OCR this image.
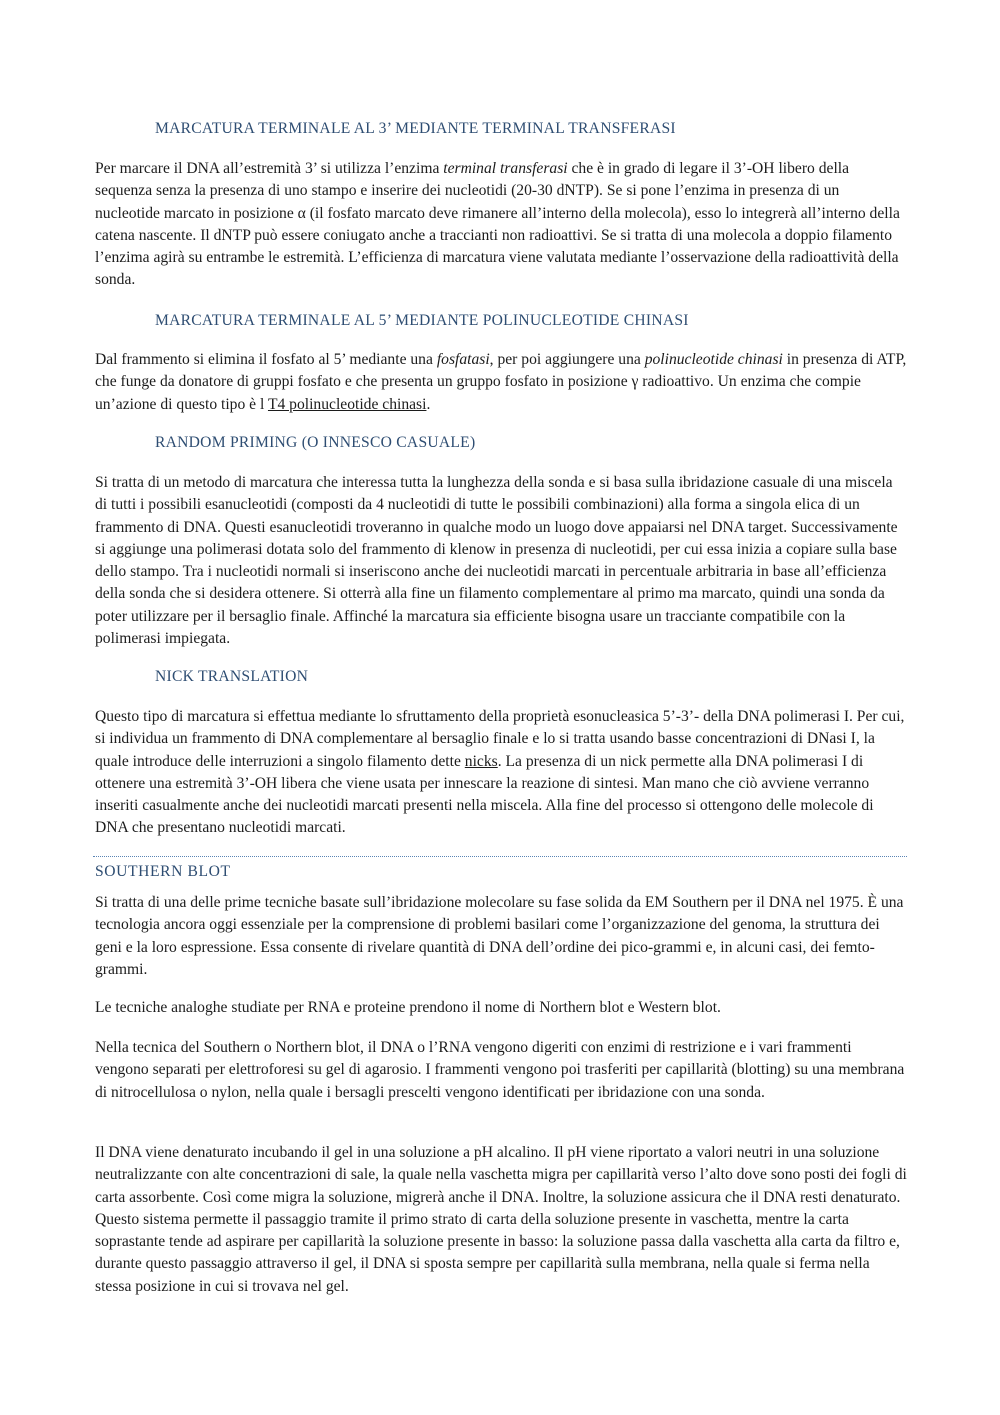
MARCATURA TERMINALE AL 3’ MEDIANTE TERMINAL TRANSFERASI

Per marcare il DNA all’estremità 3’ si utilizza l’enzima terminal transferasi che è in grado di legare il 3’-OH libero della sequenza senza la presenza di uno stampo e inserire dei nucleotidi (20-30 dNTP). Se si pone l’enzima in presenza di un nucleotide marcato in posizione α (il fosfato marcato deve rimanere all’interno della molecola), esso lo integrerà all’interno della catena nascente. Il dNTP può essere coniugato anche a traccianti non radioattivi. Se si tratta di una molecola a doppio filamento l’enzima agirà su entrambe le estremità. L’efficienza di marcatura viene valutata mediante l’osservazione della radioattività della sonda.

MARCATURA TERMINALE AL 5’ MEDIANTE POLINUCLEOTIDE CHINASI

Dal frammento si elimina il fosfato al 5’ mediante una fosfatasi, per poi aggiungere una polinucleotide chinasi in presenza di ATP, che funge da donatore di gruppi fosfato e che presenta un gruppo fosfato in posizione γ radioattivo. Un enzima che compie un’azione di questo tipo è l T4 polinucleotide chinasi.

RANDOM PRIMING (O INNESCO CASUALE)

Si tratta di un metodo di marcatura che interessa tutta la lunghezza della sonda e si basa sulla ibridazione casuale di una miscela di tutti i possibili esanucleotidi (composti da 4 nucleotidi di tutte le possibili combinazioni) alla forma a singola elica di un frammento di DNA. Questi esanucleotidi troveranno in qualche modo un luogo dove appaiarsi nel DNA target. Successivamente si aggiunge una polimerasi dotata solo del frammento di klenow in presenza di nucleotidi, per cui essa inizia a copiare sulla base dello stampo. Tra i nucleotidi normali si inseriscono anche dei nucleotidi marcati in percentuale arbitraria in base all’efficienza della sonda che si desidera ottenere. Si otterrà alla fine un filamento complementare al primo ma marcato, quindi una sonda da poter utilizzare per il bersaglio finale. Affinché la marcatura sia efficiente bisogna usare un tracciante compatibile con la polimerasi impiegata.

NICK TRANSLATION

Questo tipo di marcatura si effettua mediante lo sfruttamento della proprietà esonucleasica 5’-3’- della DNA polimerasi I. Per cui, si individua un frammento di DNA complementare al bersaglio finale e lo si tratta usando basse concentrazioni di DNasi I, la quale introduce delle interruzioni a singolo filamento dette nicks. La presenza di un nick permette alla DNA polimerasi I di ottenere una estremità 3’-OH libera che viene usata per innescare la reazione di sintesi. Man mano che ciò avviene verranno inseriti casualmente anche dei nucleotidi marcati presenti nella miscela. Alla fine del processo si ottengono delle molecole di DNA che presentano nucleotidi marcati.

SOUTHERN BLOT

Si tratta di una delle prime tecniche basate sull’ibridazione molecolare su fase solida da EM Southern per il DNA nel 1975. È una tecnologia ancora oggi essenziale per la comprensione di problemi basilari come l’organizzazione del genoma, la struttura dei geni e la loro espressione. Essa consente di rivelare quantità di DNA dell’ordine dei pico-grammi e, in alcuni casi, dei femto-grammi.

Le tecniche analoghe studiate per RNA e proteine prendono il nome di Northern blot e Western blot.

Nella tecnica del Southern o Northern blot, il DNA o l’RNA vengono digeriti con enzimi di restrizione e i vari frammenti vengono separati per elettroforesi su gel di agarosio. I frammenti vengono poi trasferiti per capillarità (blotting) su una membrana di nitrocellulosa o nylon, nella quale i bersagli prescelti vengono identificati per ibridazione con una sonda.

Il DNA viene denaturato incubando il gel in una soluzione a pH alcalino. Il pH viene riportato a valori neutri in una soluzione neutralizzante con alte concentrazioni di sale, la quale nella vaschetta migra per capillarità verso l’alto dove sono posti dei fogli di carta assorbente. Così come migra la soluzione, migrerà anche il DNA. Inoltre, la soluzione assicura che il DNA resti denaturato. Questo sistema permette il passaggio tramite il primo strato di carta della soluzione presente in vaschetta, mentre la carta soprastante tende ad aspirare per capillarità la soluzione presente in basso: la soluzione passa dalla vaschetta alla carta da filtro e, durante questo passaggio attraverso il gel, il DNA si sposta sempre per capillarità sulla membrana, nella quale si ferma nella stessa posizione in cui si trovava nel gel.
